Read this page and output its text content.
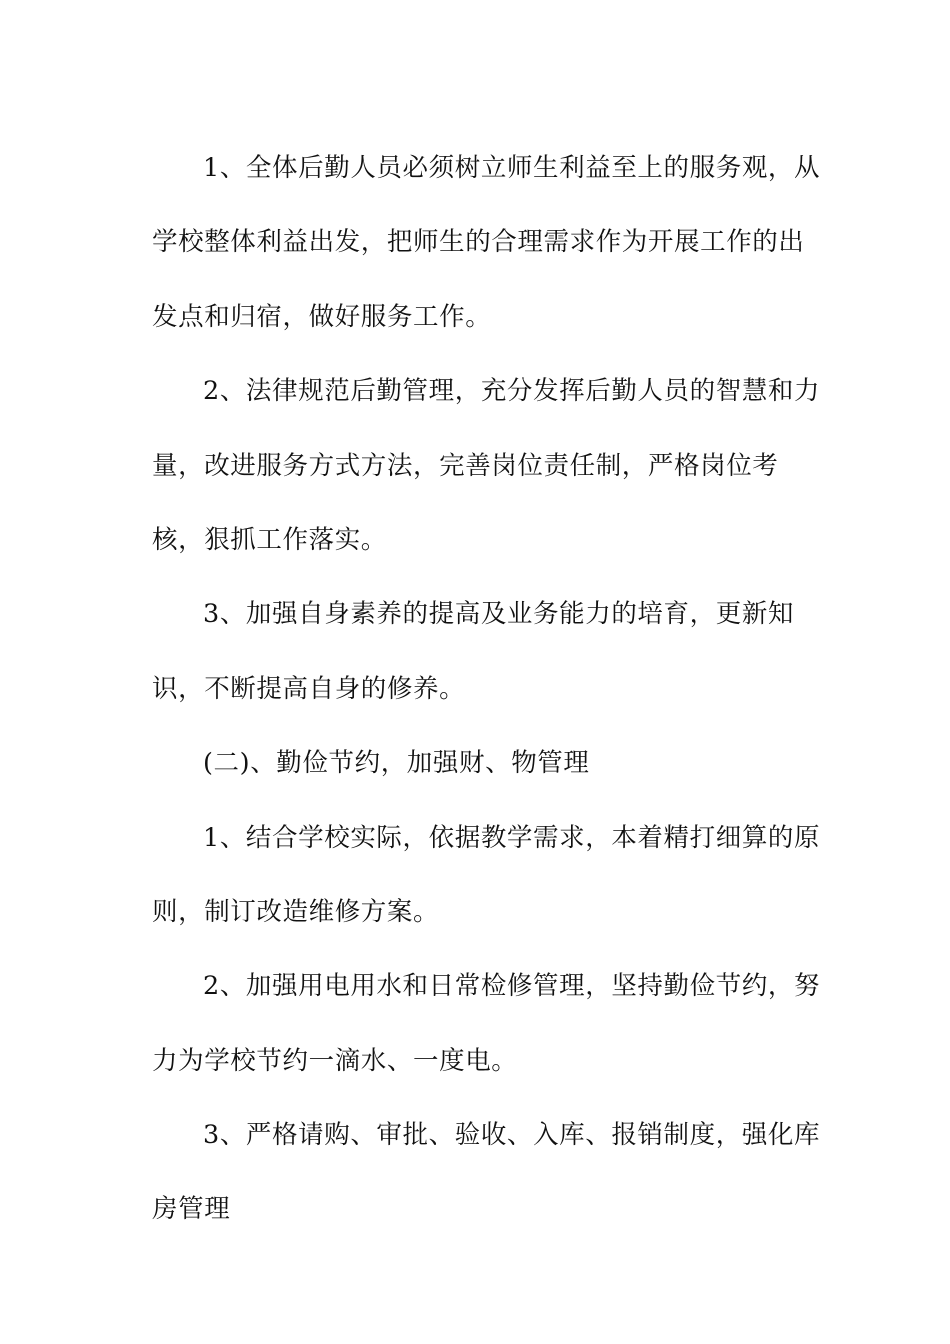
1、全体后勤人员必须树立师生利益至上的服务观，从
学校整体利益出发，把师生的合理需求作为开展工作的出
发点和归宿，做好服务工作。
2、法律规范后勤管理，充分发挥后勤人员的智慧和力
量，改进服务方式方法，完善岗位责任制，严格岗位考
核，狠抓工作落实。
3、加强自身素养的提高及业务能力的培育，更新知
识，不断提高自身的修养。
(二)、勤俭节约，加强财、物管理
1、结合学校实际，依据教学需求，本着精打细算的原
则，制订改造维修方案。
2、加强用电用水和日常检修管理，坚持勤俭节约，努
力为学校节约一滴水、一度电。
3、严格请购、审批、验收、入库、报销制度，强化库
房管理
